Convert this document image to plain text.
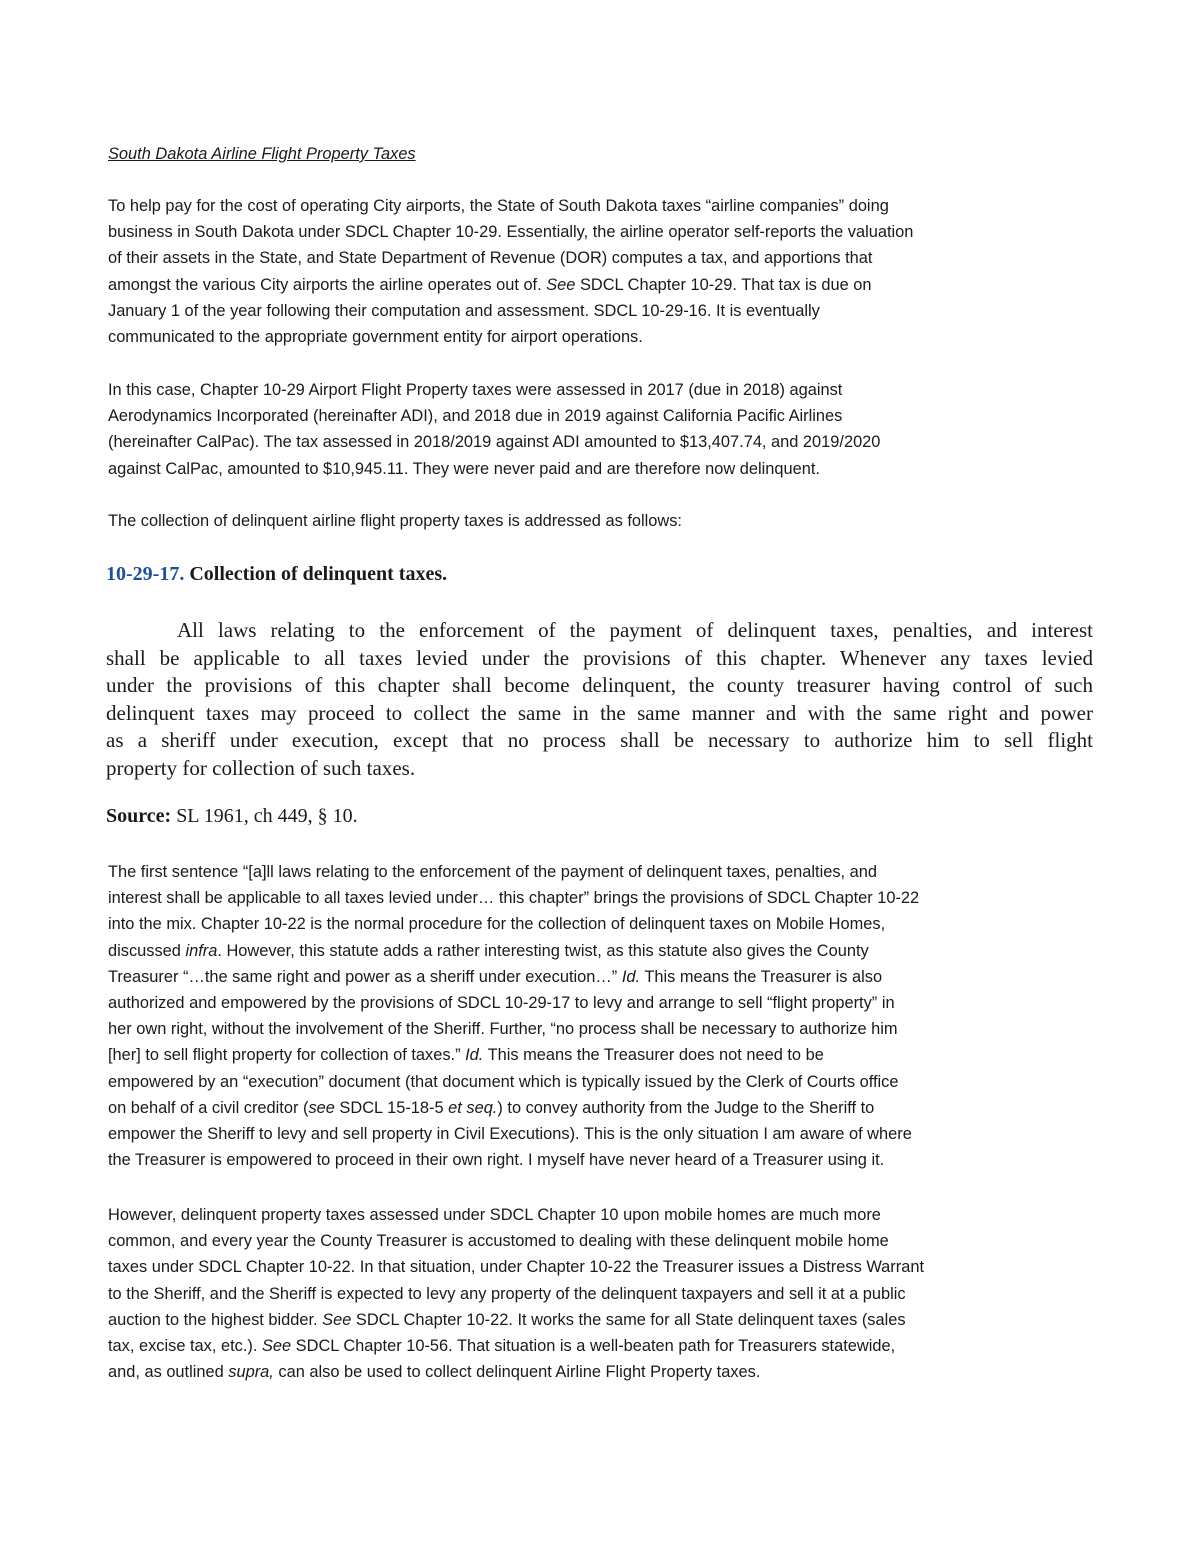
South Dakota Airline Flight Property Taxes
To help pay for the cost of operating City airports, the State of South Dakota taxes “airline companies” doing
business in South Dakota under SDCL Chapter 10-29. Essentially, the airline operator self-reports the valuation
of their assets in the State, and State Department of Revenue (DOR) computes a tax, and apportions that
amongst the various City airports the airline operates out of. See SDCL Chapter 10-29. That tax is due on
January 1 of the year following their computation and assessment. SDCL 10-29-16. It is eventually
communicated to the appropriate government entity for airport operations.
In this case, Chapter 10-29 Airport Flight Property taxes were assessed in 2017 (due in 2018) against
Aerodynamics Incorporated (hereinafter ADI), and 2018 due in 2019 against California Pacific Airlines
(hereinafter CalPac). The tax assessed in 2018/2019 against ADI amounted to $13,407.74, and 2019/2020
against CalPac, amounted to $10,945.11. They were never paid and are therefore now delinquent.
The collection of delinquent airline flight property taxes is addressed as follows:
10-29-17. Collection of delinquent taxes.
All laws relating to the enforcement of the payment of delinquent taxes, penalties, and interest
shall be applicable to all taxes levied under the provisions of this chapter. Whenever any taxes levied
under the provisions of this chapter shall become delinquent, the county treasurer having control of such
delinquent taxes may proceed to collect the same in the same manner and with the same right and power
as a sheriff under execution, except that no process shall be necessary to authorize him to sell flight
property for collection of such taxes.
Source: SL 1961, ch 449, § 10.
The first sentence “[a]ll laws relating to the enforcement of the payment of delinquent taxes, penalties, and
interest shall be applicable to all taxes levied under… this chapter” brings the provisions of SDCL Chapter 10-22
into the mix. Chapter 10-22 is the normal procedure for the collection of delinquent taxes on Mobile Homes,
discussed infra. However, this statute adds a rather interesting twist, as this statute also gives the County
Treasurer “…the same right and power as a sheriff under execution…” Id. This means the Treasurer is also
authorized and empowered by the provisions of SDCL 10-29-17 to levy and arrange to sell “flight property” in
her own right, without the involvement of the Sheriff. Further, “no process shall be necessary to authorize him
[her] to sell flight property for collection of taxes.” Id. This means the Treasurer does not need to be
empowered by an “execution” document (that document which is typically issued by the Clerk of Courts office
on behalf of a civil creditor (see SDCL 15-18-5 et seq.) to convey authority from the Judge to the Sheriff to
empower the Sheriff to levy and sell property in Civil Executions). This is the only situation I am aware of where
the Treasurer is empowered to proceed in their own right. I myself have never heard of a Treasurer using it.
However, delinquent property taxes assessed under SDCL Chapter 10 upon mobile homes are much more
common, and every year the County Treasurer is accustomed to dealing with these delinquent mobile home
taxes under SDCL Chapter 10-22. In that situation, under Chapter 10-22 the Treasurer issues a Distress Warrant
to the Sheriff, and the Sheriff is expected to levy any property of the delinquent taxpayers and sell it at a public
auction to the highest bidder. See SDCL Chapter 10-22. It works the same for all State delinquent taxes (sales
tax, excise tax, etc.). See SDCL Chapter 10-56. That situation is a well-beaten path for Treasurers statewide,
and, as outlined supra, can also be used to collect delinquent Airline Flight Property taxes.
